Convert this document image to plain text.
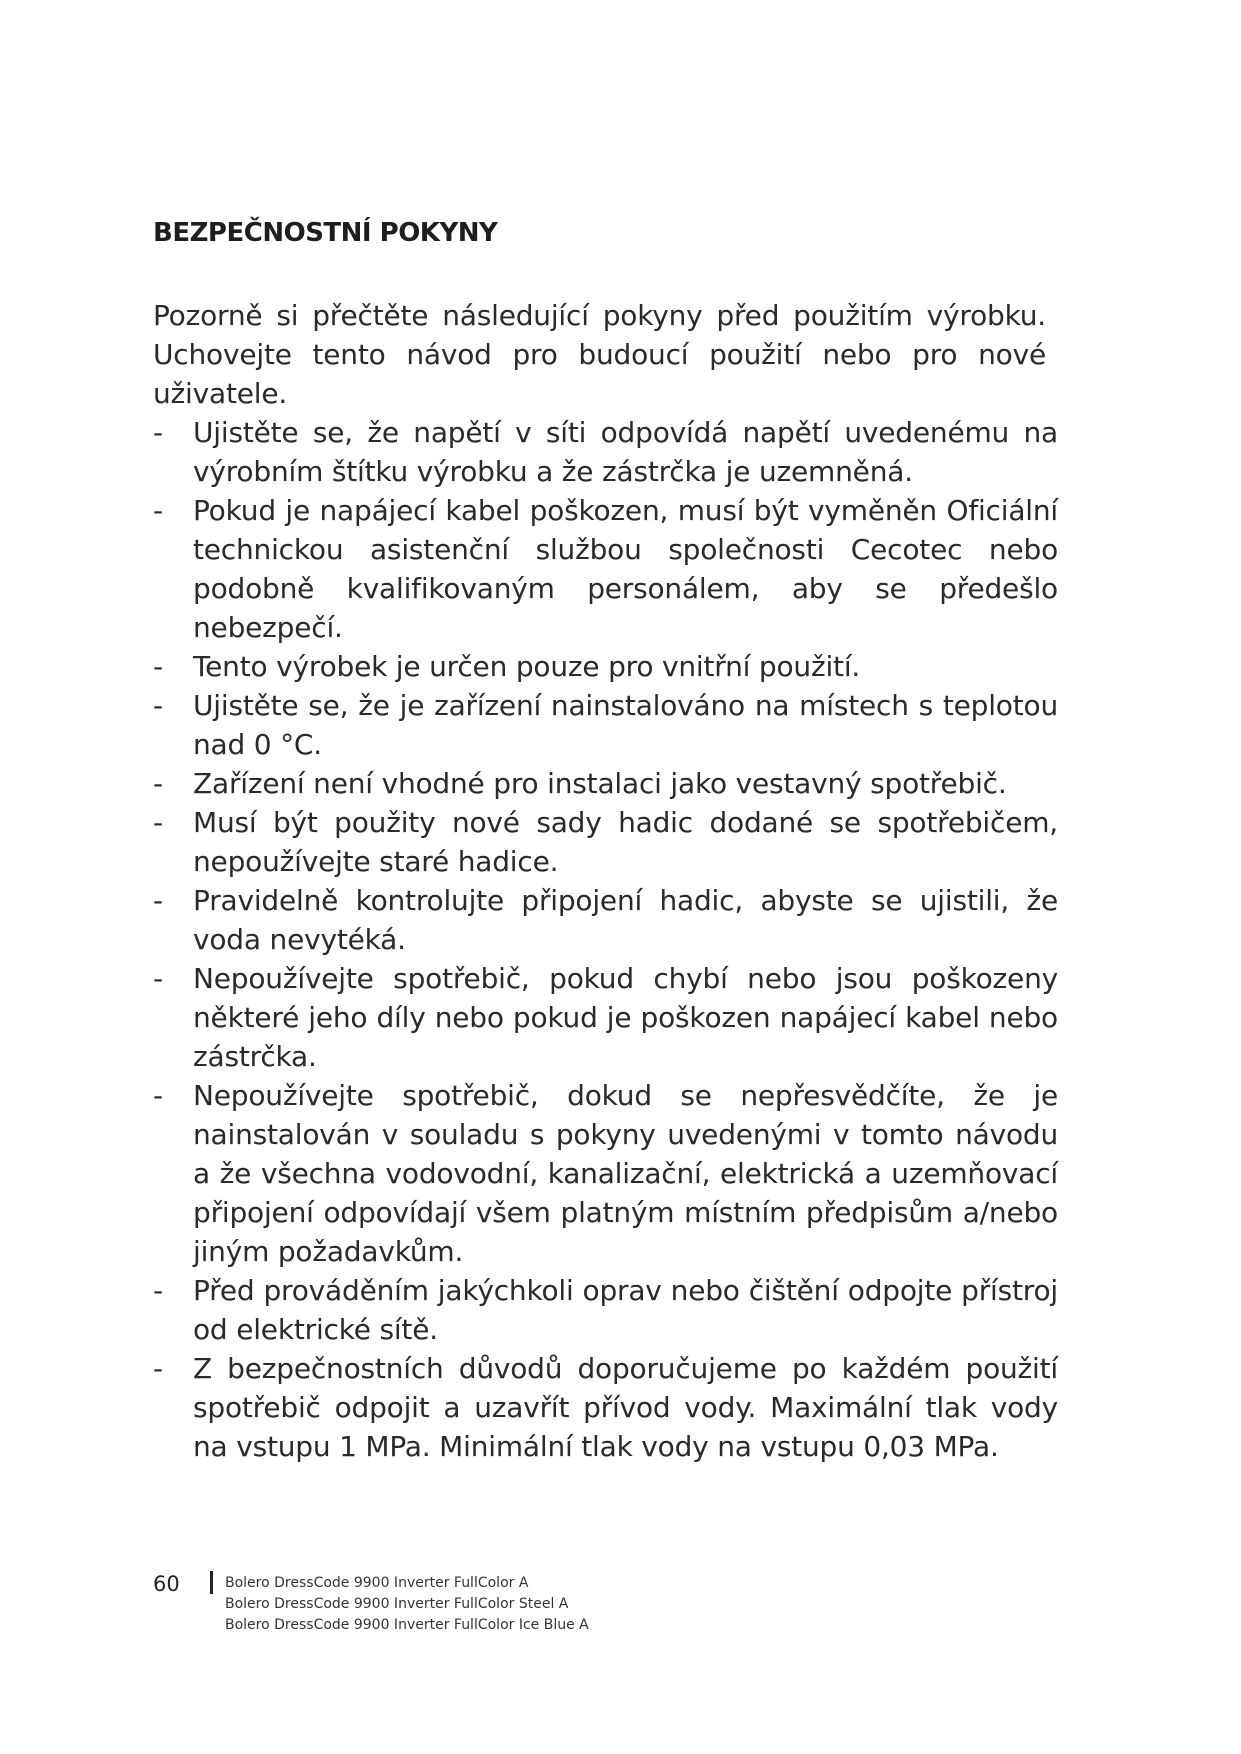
BEZPEČNOSTNÍ POKYNY

Pozorně si přečtěte následující pokyny před použitím výrobku. Uchovejte tento návod pro budoucí použití nebo pro nové uživatele.

- Ujistěte se, že napětí v síti odpovídá napětí uvedenému na výrobním štítku výrobku a že zástrčka je uzemněná.
- Pokud je napájecí kabel poškozen, musí být vyměněn Oficiální technickou asistenční službou společnosti Cecotec nebo podobně kvalifikovaným personálem, aby se předešlo nebezpečí.
- Tento výrobek je určen pouze pro vnitřní použití.
- Ujistěte se, že je zařízení nainstalováno na místech s teplotou nad 0 °C.
- Zařízení není vhodné pro instalaci jako vestavný spotřebič.
- Musí být použity nové sady hadic dodané se spotřebičem, nepoužívejte staré hadice.
- Pravidelně kontrolujte připojení hadic, abyste se ujistili, že voda nevytéká.
- Nepoužívejte spotřebič, pokud chybí nebo jsou poškozeny některé jeho díly nebo pokud je poškozen napájecí kabel nebo zástrčka.
- Nepoužívejte spotřebič, dokud se nepřesvědčíte, že je nainstalován v souladu s pokyny uvedenými v tomto návodu a že všechna vodovodní, kanalizační, elektrická a uzemňovací připojení odpovídají všem platným místním předpisům a/nebo jiným požadavkům.
- Před prováděním jakýchkoli oprav nebo čištění odpojte přístroj od elektrické sítě.
- Z bezpečnostních důvodů doporučujeme po každém použití spotřebič odpojit a uzavřít přívod vody. Maximální tlak vody na vstupu 1 MPa. Minimální tlak vody na vstupu 0,03 MPa.
60	Bolero DressCode 9900 Inverter FullColor A
Bolero DressCode 9900 Inverter FullColor Steel A
Bolero DressCode 9900 Inverter FullColor Ice Blue A
